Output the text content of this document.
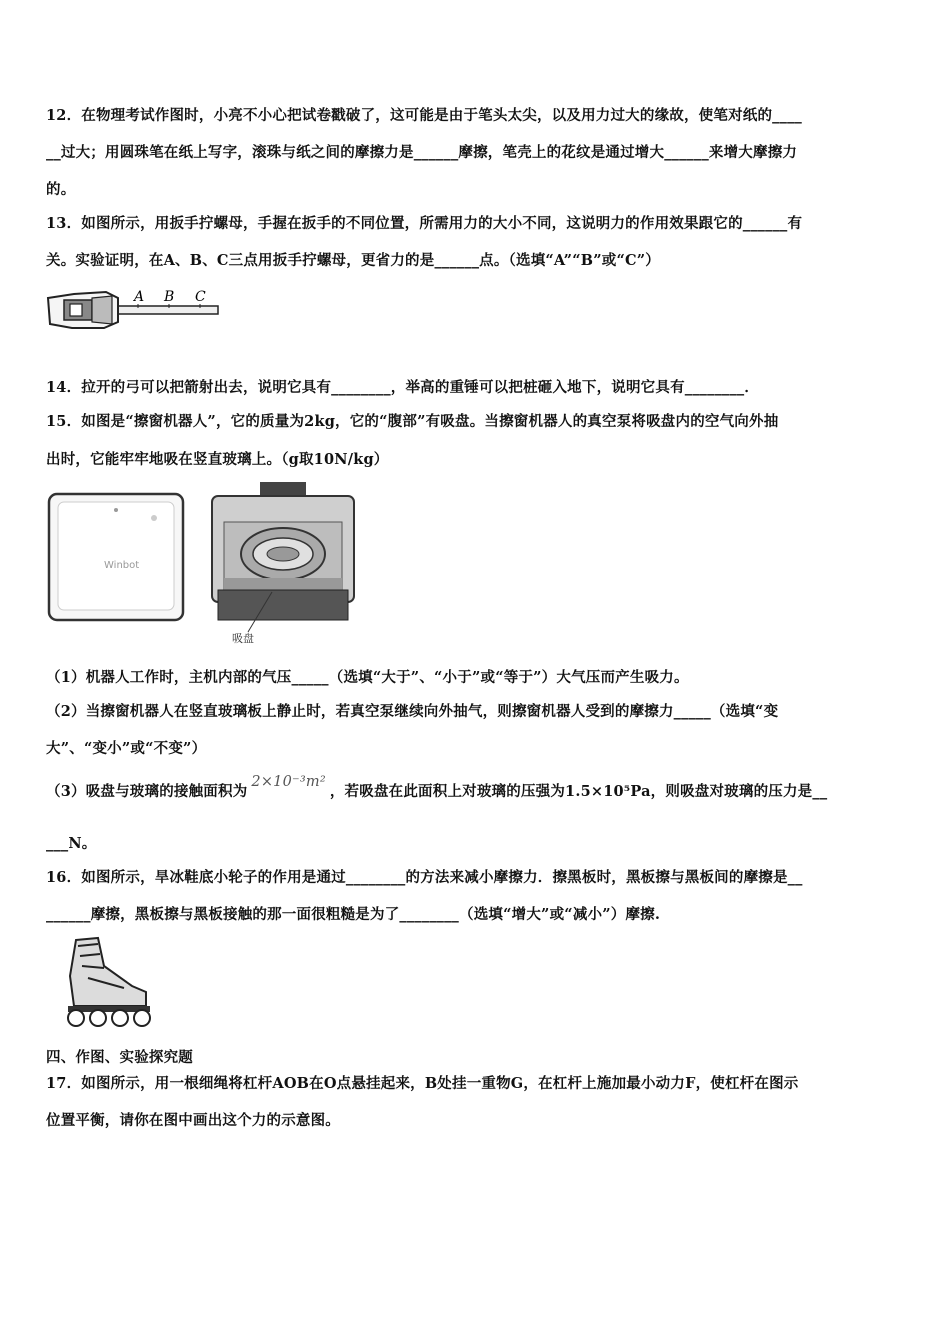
12．在物理考试作图时，小亮不小心把试卷戳破了，这可能是由于笔头太尖，以及用力过大的缘故，使笔对纸的____
__过大；用圆珠笔在纸上写字，滚珠与纸之间的摩擦力是______摩擦，笔壳上的花纹是通过增大______来增大摩擦力
的。
13．如图所示，用扳手拧螺母，手握在扳手的不同位置，所需用力的大小不同，这说明力的作用效果跟它的______有
关。实验证明，在A、B、C三点用扳手拧螺母，更省力的是______点。（选填“A”“B”或“C”）
A B C
14．拉开的弓可以把箭射出去，说明它具有________，举高的重锤可以把桩砸入地下，说明它具有________．
15．如图是“擦窗机器人”，它的质量为2kg，它的“腹部”有吸盘。当擦窗机器人的真空泵将吸盘内的空气向外抽
出时，它能牢牢地吸在竖直玻璃上。（g取10N/kg）
Winbot
吸盘
（1）机器人工作时，主机内部的气压_____（选填“大于”、“小于”或“等于”）大气压而产生吸力。
（2）当擦窗机器人在竖直玻璃板上静止时，若真空泵继续向外抽气，则擦窗机器人受到的摩擦力_____（选填“变
大”、“变小”或“不变”）
（3）吸盘与玻璃的接触面积为2×10⁻³m²，若吸盘在此面积上对玻璃的压强为1.5×10⁵Pa，则吸盘对玻璃的压力是__
___N。
16．如图所示，旱冰鞋底小轮子的作用是通过________的方法来减小摩擦力．擦黑板时，黑板擦与黑板间的摩擦是__
______摩擦，黑板擦与黑板接触的那一面很粗糙是为了________（选填“增大”或“减小”）摩擦.
四、作图、实验探究题
17．如图所示，用一根细绳将杠杆AOB在O点悬挂起来，B处挂一重物G，在杠杆上施加最小动力F，使杠杆在图示
位置平衡，请你在图中画出这个力的示意图。
